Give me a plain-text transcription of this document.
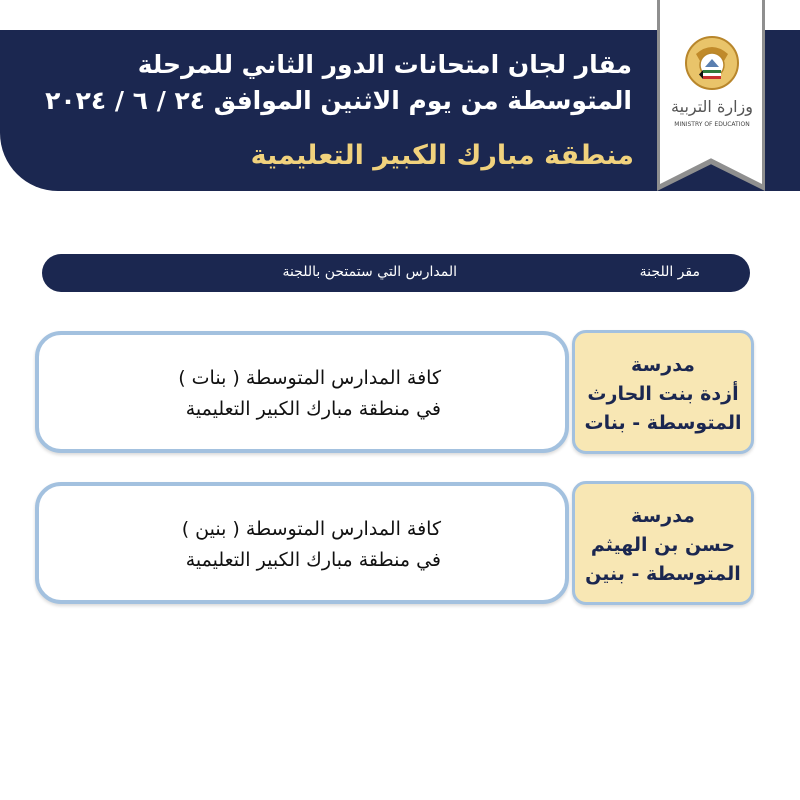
مقار لجان امتحانات الدور الثاني للمرحلة
المتوسطة من يوم الاثنين الموافق ٢٤ / ٦ / ٢٠٢٤
منطقة مبارك الكبير التعليمية
وزارة التربية
MINISTRY OF EDUCATION
مقر اللجنة
المدارس التي ستمتحن باللجنة
كافة المدارس المتوسطة ( بنات )
في منطقة مبارك الكبير التعليمية
مدرسة
أزدة بنت الحارث
المتوسطة - بنات
كافة المدارس المتوسطة ( بنين )
في منطقة مبارك الكبير التعليمية
مدرسة
حسن بن الهيثم
المتوسطة - بنين
